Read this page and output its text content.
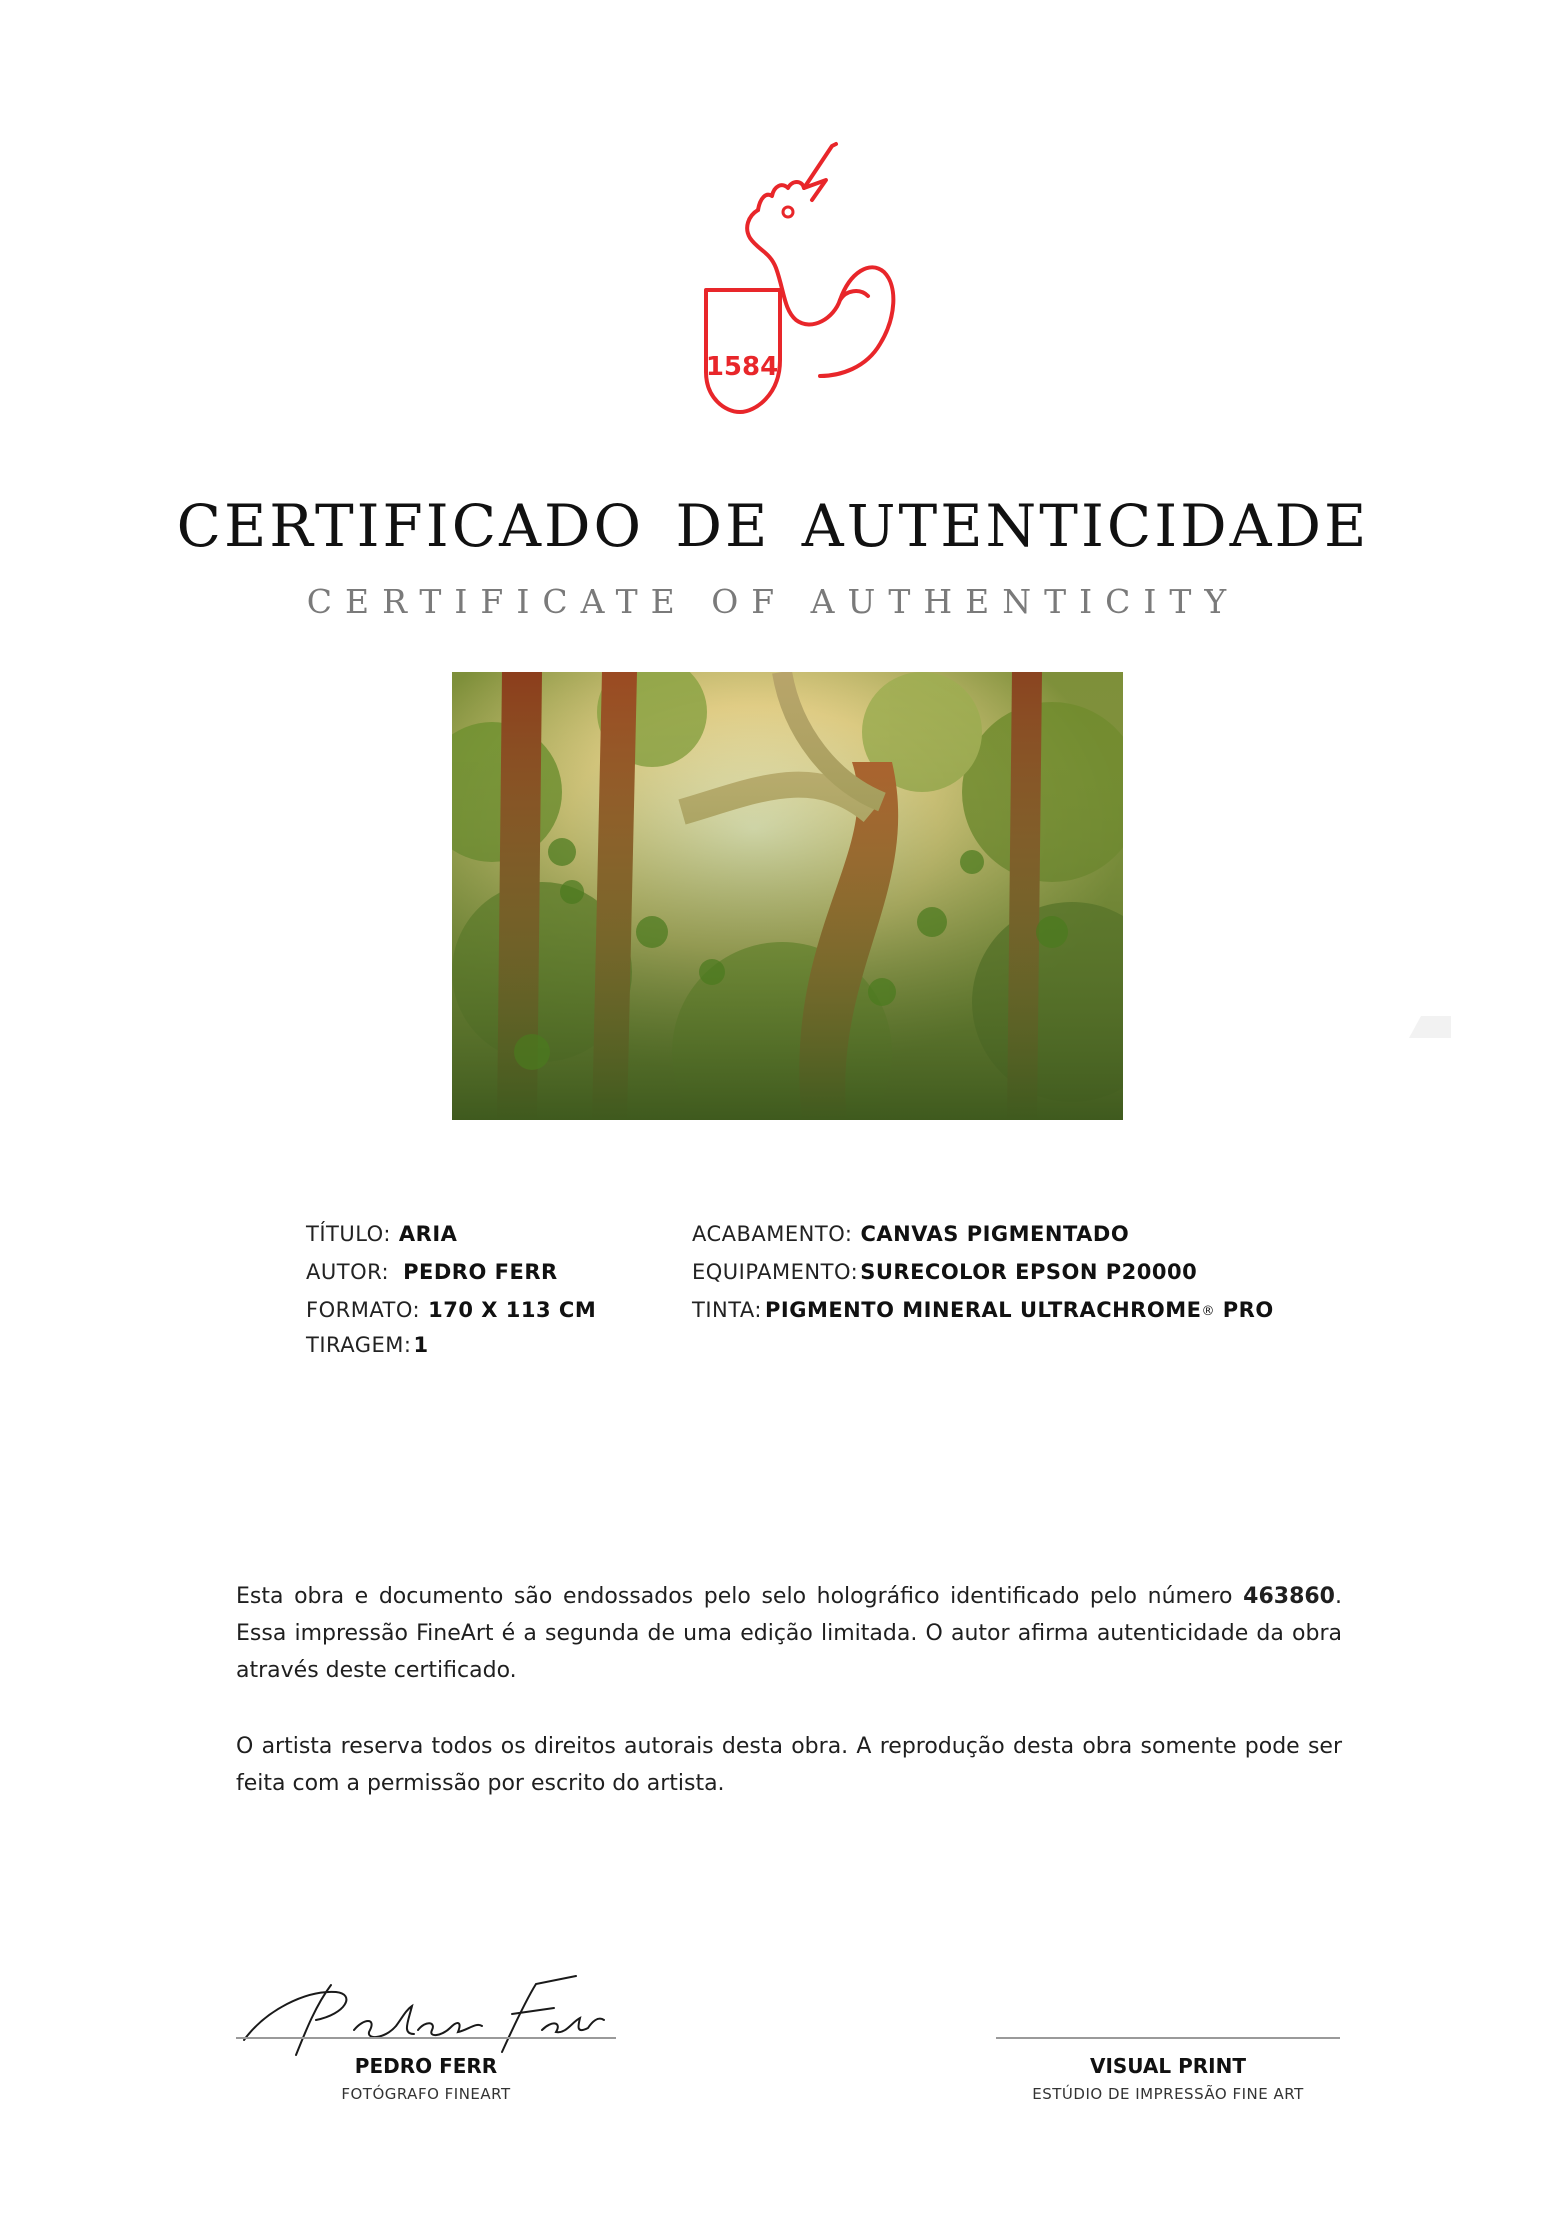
1584
CERTIFICADO DE AUTENTICIDADE
CERTIFICATE OF AUTHENTICITY
TÍTULO: ARIA
AUTOR: PEDRO FERR
FORMATO: 170 X 113 CM
TIRAGEM:1
ACABAMENTO: CANVAS PIGMENTADO
EQUIPAMENTO:SURECOLOR EPSON P20000
TINTA: PIGMENTO MINERAL ULTRACHROME® PRO
Esta obra e documento são endossados pelo selo holográfico identificado pelo número 463860. Essa impressão FineArt é a segunda de uma edição limitada. O autor afirma autenticidade da obra através deste certificado.
O artista reserva todos os direitos autorais desta obra. A reprodução desta obra somente pode ser feita com a permissão por escrito do artista.
PEDRO FERR
FOTÓGRAFO FINEART
VISUAL PRINT
ESTÚDIO DE IMPRESSÃO FINE ART
